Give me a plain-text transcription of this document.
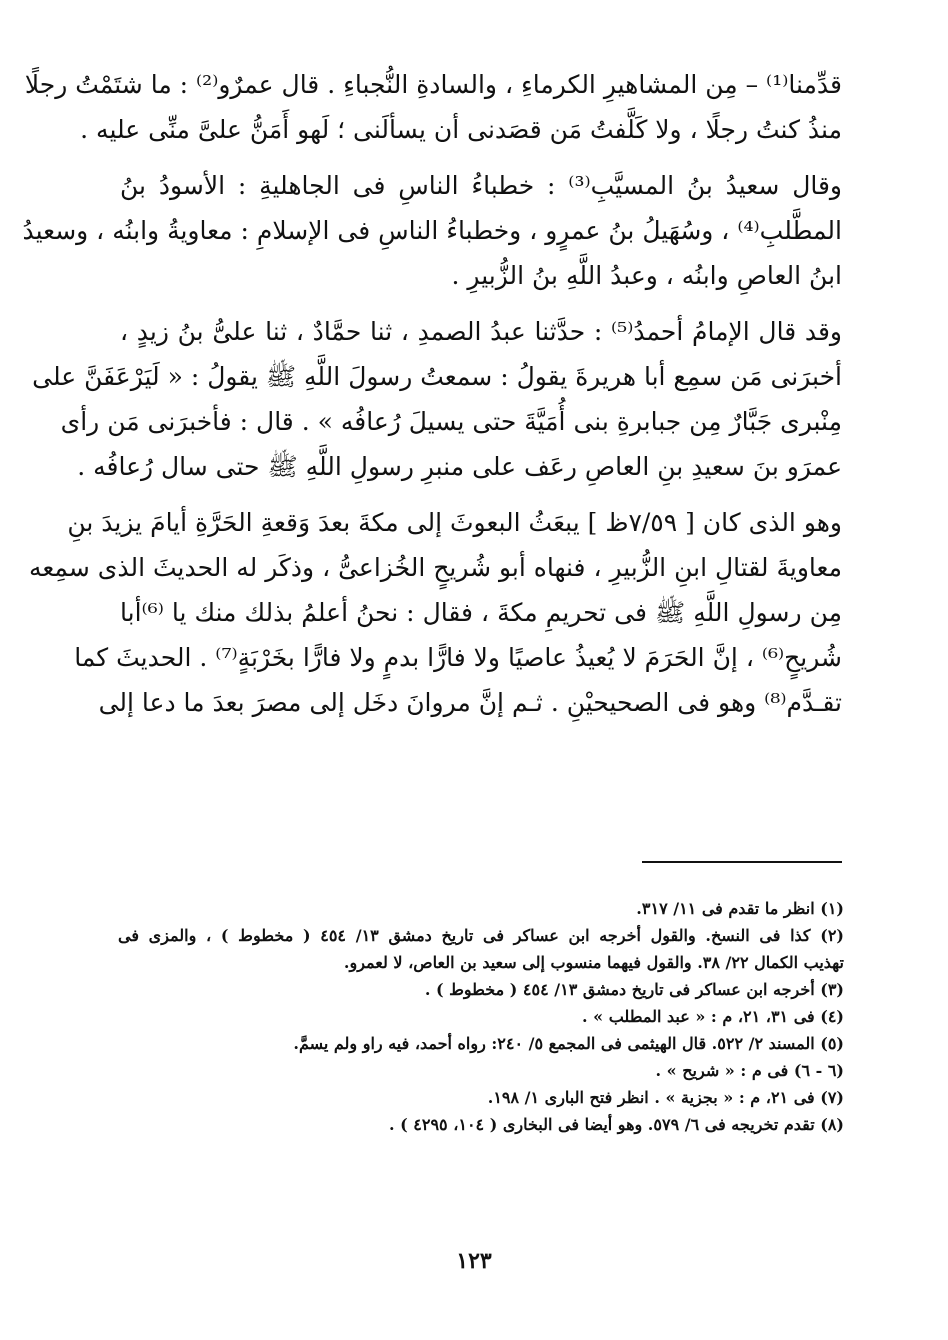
قدِّمنا⁽¹⁾ – مِن المشاهيرِ الكرماءِ ، والسادةِ النُّجباءِ . قال عمرٌو⁽²⁾ : ما شتَمْتُ رجلًا
منذُ كنتُ رجلًا ، ولا كَلَّفتُ مَن قصَدنى أن يسألَنى ؛ لَهو أَمَنُّ علىَّ منِّى عليه .
وقال سعيدُ بنُ المسيَّبِ⁽³⁾ : خطباءُ الناسِ فى الجاهليةِ : الأسودُ بنُ
المطَّلبِ⁽⁴⁾ ، وسُهَيلُ بنُ عمرٍو ، وخطباءُ الناسِ فى الإسلامِ : معاويةُ وابنُه ، وسعيدُ
ابنُ العاصِ وابنُه ، وعبدُ اللَّهِ بنُ الزُّبيرِ .
وقد قال الإمامُ أحمدُ⁽⁵⁾ : حدَّثنا عبدُ الصمدِ ، ثنا حمَّادٌ ، ثنا علىُّ بنُ زيدٍ ،
أخبرَنى مَن سمِع أبا هريرةَ يقولُ : سمعتُ رسولَ اللَّهِ ﷺ يقولُ : « لَيَرْعَفَنَّ على
مِنْبرى جَبَّارٌ مِن جبابرةِ بنى أُمَيَّةَ حتى يسيلَ رُعافُه » . قال : فأخبرَنى مَن رأى
عمرَو بنَ سعيدِ بنِ العاصِ رعَف على منبرِ رسولِ اللَّهِ ﷺ حتى سال رُعافُه .
وهو الذى كان [ ٧/٥٩ظ ] يبعَثُ البعوثَ إلى مكةَ بعدَ وَقعةِ الحَرَّةِ أيامَ يزيدَ بنِ
معاويةَ لقتالِ ابنِ الزُّبيرِ ، فنهاه أبو شُريحٍ الخُزاعىُّ ، وذكَر له الحديثَ الذى سمِعه
مِن رسولِ اللَّهِ ﷺ فى تحريمِ مكةَ ، فقال : نحنُ أعلمُ بذلك منك يا ⁽⁶⁾أبا
شُريحٍ⁽⁶⁾ ، إنَّ الحَرَمَ لا يُعيذُ عاصيًا ولا فارًّا بدمٍ ولا فارًّا بخَرْبَةٍ⁽⁷⁾ . الحديثَ كما
تقـدَّم⁽⁸⁾ وهو فى الصحيحيْنِ . ثـم إنَّ مروانَ دخَل إلى مصرَ بعدَ ما دعا إلى
(١) انظر ما تقدم فى ١١/ ٣١٧.
(٢) كذا فى النسخ. والقول أخرجه ابن عساكر فى تاريخ دمشق ١٣/ ٤٥٤ ( مخطوط ) ، والمزى فى
تهذيب الكمال ٢٢/ ٣٨. والقول فيهما منسوب إلى سعيد بن العاص، لا لعمرو.
(٣) أخرجه ابن عساكر فى تاريخ دمشق ١٣/ ٤٥٤ ( مخطوط ) .
(٤) فى ٣١، ٢١، م : « عبد المطلب » .
(٥) المسند ٢/ ٥٢٢. قال الهيثمى فى المجمع ٥/ ٢٤٠: رواه أحمد، فيه راو ولم يسمَّ.
(٦ - ٦) فى م : « شريح » .
(٧) فى ٢١، م : « بجزية » . انظر فتح البارى ١/ ١٩٨.
(٨) تقدم تخريجه فى ٦/ ٥٧٩. وهو أيضا فى البخارى ( ١٠٤، ٤٢٩٥ ) .
١٢٣
